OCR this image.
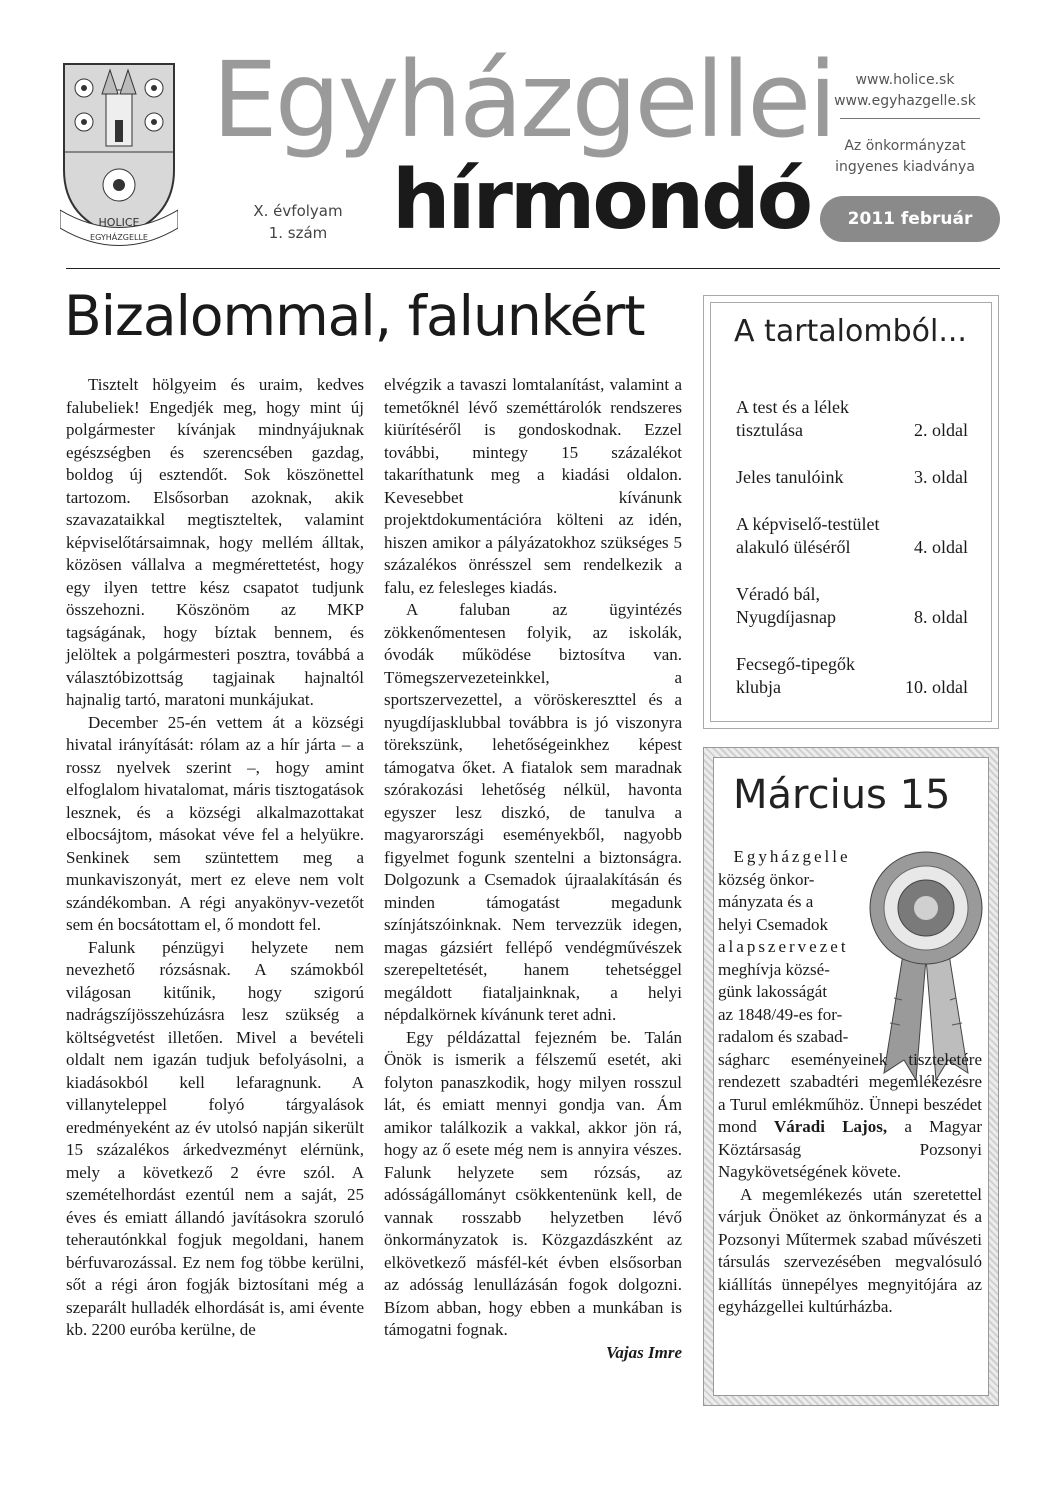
HOLICE
EGYHÁZGELLE
Egyházgellei
hírmondó
X. évfolyam
1. szám
www.holice.sk
www.egyhazgelle.sk
Az önkormányzat
ingyenes kiadványa
2011 február
Bizalommal, falunkért

Tisztelt hölgyeim és uraim, kedves falubeliek! Engedjék meg, hogy mint új polgármester kívánjak mindnyájuknak egészségben és szerencsében gazdag, boldog új esztendőt. Sok köszönettel tartozom. Elsősorban azoknak, akik szavazataikkal megtiszteltek, valamint képviselőtársaimnak, hogy mellém álltak, közösen vállalva a megmérettetést, hogy egy ilyen tettre kész csapatot tudjunk összehozni. Köszönöm az MKP tagságának, hogy bíztak bennem, és jelöltek a polgármesteri posztra, továbbá a választóbizottság tagjainak hajnaltól hajnalig tartó, maratoni munkájukat.

December 25-én vettem át a községi hivatal irányítását: rólam az a hír járta – a rossz nyelvek szerint –, hogy amint elfoglalom hivatalomat, máris tisztogatások lesznek, és a községi alkalmazottakat elbocsájtom, másokat véve fel a helyükre. Senkinek sem szüntettem meg a munkaviszonyát, mert ez eleve nem volt szándékomban. A régi anyakönyv-vezetőt sem én bocsátottam el, ő mondott fel.

Falunk pénzügyi helyzete nem nevezhető rózsásnak. A számokból világosan kitűnik, hogy szigorú nadrágszíjösszehúzásra lesz szükség a költségvetést illetően. Mivel a bevételi oldalt nem igazán tudjuk befolyásolni, a kiadásokból kell lefaragnunk. A villanyteleppel folyó tárgyalások eredményeként az év utolsó napján sikerült 15 százalékos árkedvezményt elérnünk, mely a következő 2 évre szól. A szemételhordást ezentúl nem a saját, 25 éves és emiatt állandó javításokra szoruló teherautónkkal fogjuk megoldani, hanem bérfuvarozással. Ez nem fog többe kerülni, sőt a régi áron fogják biztosítani még a szeparált hulladék elhordását is, ami évente kb. 2200 euróba kerülne, de

elvégzik a tavaszi lomtalanítást, valamint a temetőknél lévő szeméttárolók rendszeres kiürítéséről is gondoskodnak. Ezzel további, mintegy 15 százalékot takaríthatunk meg a kiadási oldalon. Kevesebbet kívánunk projektdokumentációra költeni az idén, hiszen amikor a pályázatokhoz szükséges 5 százalékos önrésszel sem rendelkezik a falu, ez felesleges kiadás.

A faluban az ügyintézés zökkenőmentesen folyik, az iskolák, óvodák működése biztosítva van. Tömegszervezeteinkkel, a sportszervezettel, a vöröskereszttel és a nyugdíjasklubbal továbbra is jó viszonyra törekszünk, lehetőségeinkhez képest támogatva őket. A fiatalok sem maradnak szórakozási lehetőség nélkül, havonta egyszer lesz diszkó, de tanulva a magyarországi eseményekből, nagyobb figyelmet fogunk szentelni a biztonságra. Dolgozunk a Csemadok újraalakításán és minden támogatást megadunk színjátszóinknak. Nem tervezzük idegen, magas gázsiért fellépő vendégművészek szerepeltetését, hanem tehetséggel megáldott fiataljainknak, a helyi népdalkörnek kívánunk teret adni.

Egy példázattal fejezném be. Talán Önök is ismerik a félszemű esetét, aki folyton panaszkodik, hogy milyen rosszul lát, és emiatt mennyi gondja van. Ám amikor találkozik a vakkal, akkor jön rá, hogy az ő esete még nem is annyira vészes. Falunk helyzete sem rózsás, az adósságállományt csökkentenünk kell, de vannak rosszabb helyzetben lévő önkormányzatok is. Közgazdászként az elkövetkező másfél-két évben elsősorban az adósság lenullázásán fogok dolgozni. Bízom abban, hogy ebben a munkában is támogatni fognak.

Vajas Imre
A tartalomból...
A test és a lélek tisztulása	2. oldal
Jeles tanulóink	3. oldal
A képviselő-testület alakuló üléséről	4. oldal
Véradó bál, Nyugdíjasnap	8. oldal
Fecsegő-tipegők klubja	10. oldal
Március 15

Egyházgelle

község önkor-

mányzata és a

helyi Csemadok

alapszervezet

meghívja közsé-

günk lakosságát

az 1848/49-es for-

radalom és szabad-

ságharc eseményeinek tiszteletére rendezett szabadtéri megemlékezésre a Turul emlékműhöz. Ünnepi beszédet mond Váradi Lajos, a Magyar Köztársaság Pozsonyi Nagykövetségének követe.

A megemlékezés után szeretettel várjuk Önöket az önkormányzat és a Pozsonyi Műtermek szabad művészeti társulás szervezésében megvalósuló kiállítás ünnepélyes megnyitójára az egyházgellei kultúrházba.
